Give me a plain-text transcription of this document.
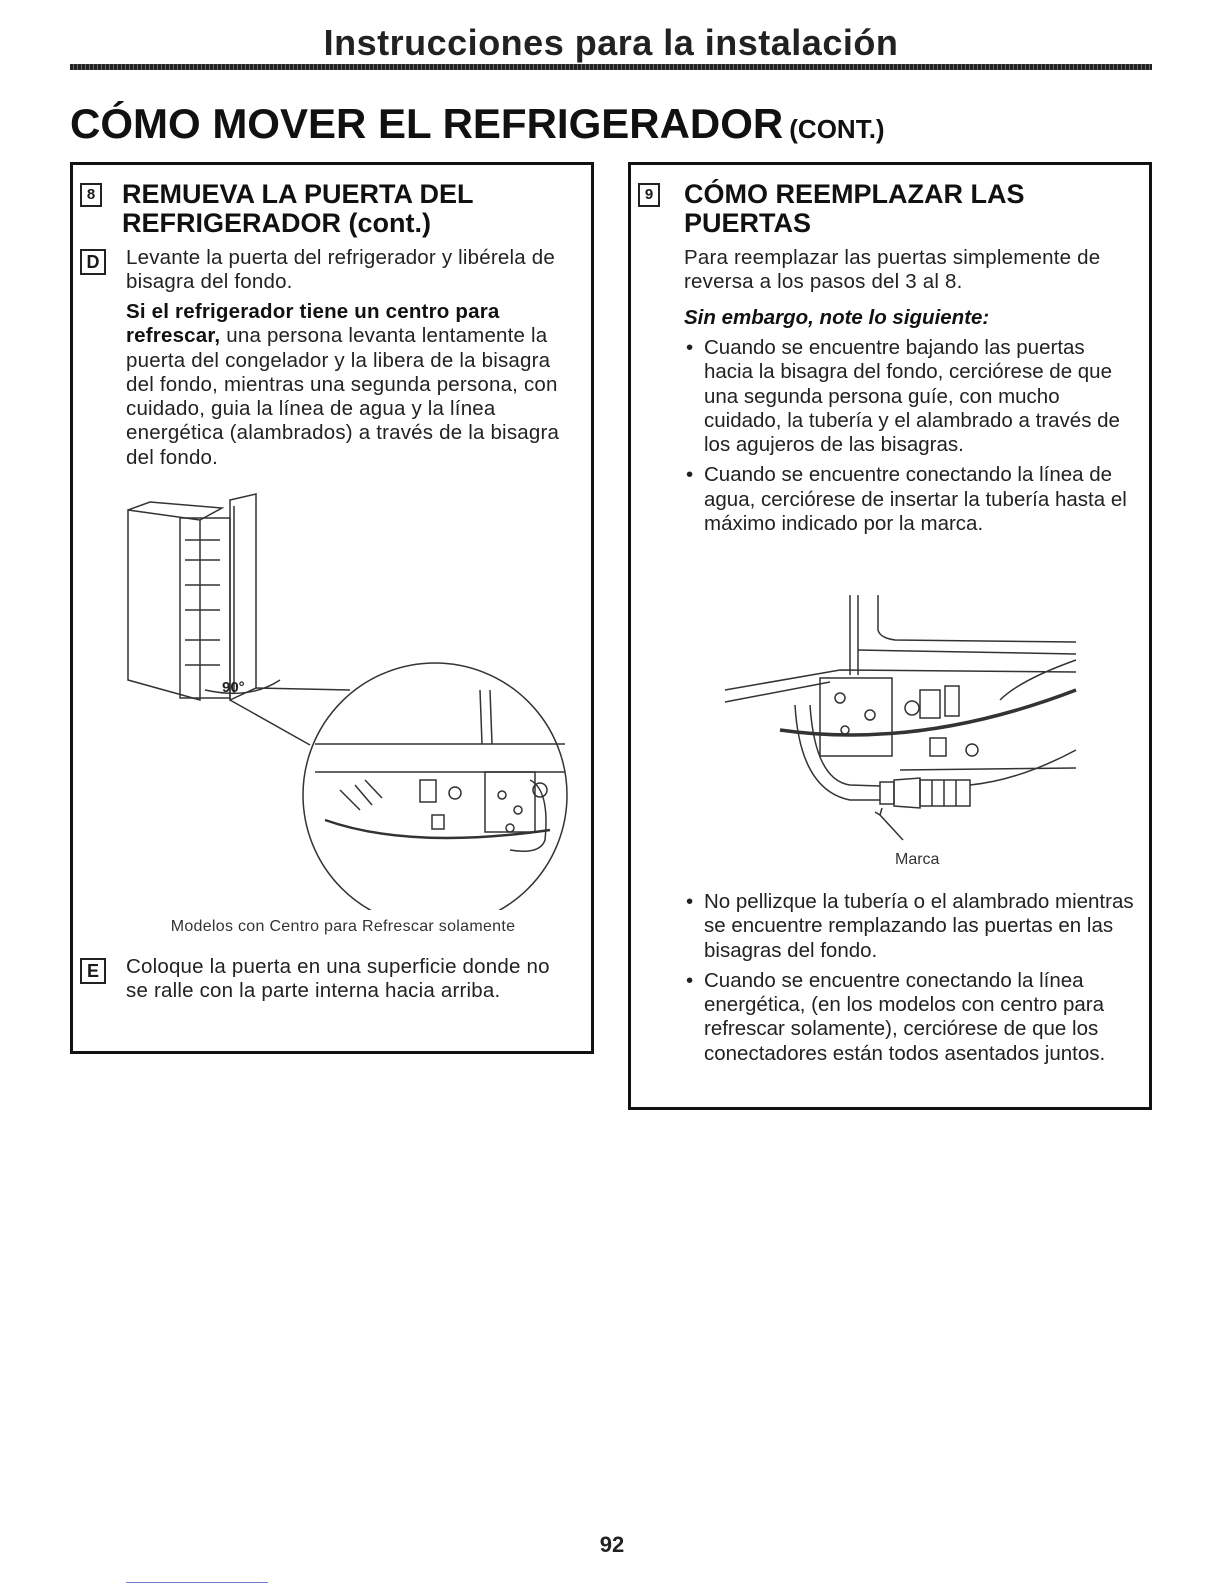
Instrucciones para la instalación
CÓMO MOVER EL REFRIGERADOR (CONT.)
8 REMUEVA LA PUERTA DEL REFRIGERADOR (cont.)
D	Levante la puerta del refrigerador y libérela de bisagra del fondo.
Si el refrigerador tiene un centro para refrescar, una persona levanta lentamente la puerta del congelador y la libera de la bisagra del fondo, mientras una segunda persona, con cuidado, guia la línea de agua y la línea energética (alambrados) a través de la bisagra del fondo.
90°
Modelos con Centro para Refrescar solamente
E	Coloque la puerta en una superficie donde no se ralle con la parte interna hacia arriba.
9 CÓMO REEMPLAZAR LAS PUERTAS
Para reemplazar las puertas simplemente de reversa a los pasos del 3 al 8.
Sin embargo, note lo siguiente:
• Cuando se encuentre bajando las puertas hacia la bisagra del fondo, cerciórese de que una segunda persona guíe, con mucho cuidado, la tubería y el alambrado a través de los agujeros de las bisagras.
• Cuando se encuentre conectando la línea de agua, cerciórese de insertar la tubería hasta el máximo indicado por la marca.
Marca
• No pellizque la tubería o el alambrado mientras se encuentre remplazando las puertas en las bisagras del fondo.
• Cuando se encuentre conectando la línea energética, (en los modelos con centro para refrescar solamente), cerciórese de que los conectadores están todos asentados juntos.
92
